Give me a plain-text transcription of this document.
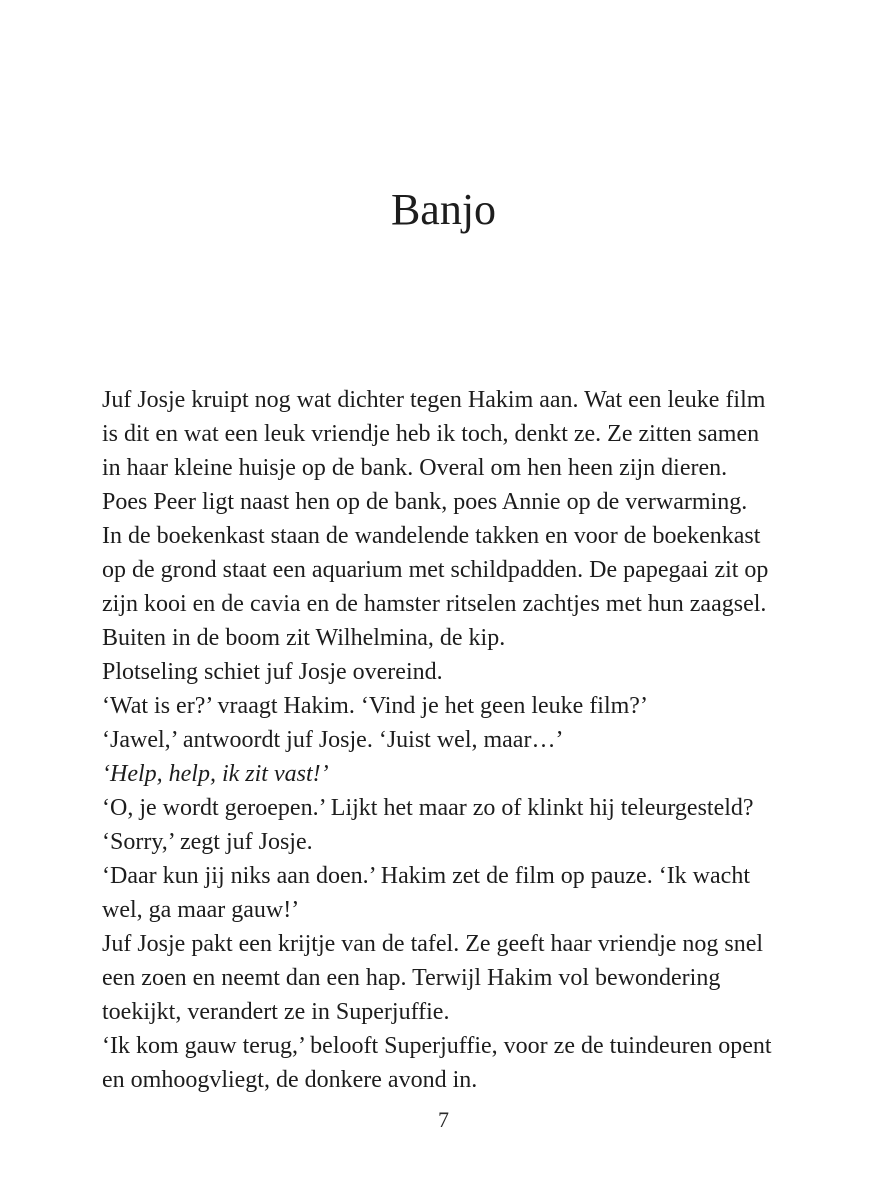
Banjo
Juf Josje kruipt nog wat dichter tegen Hakim aan. Wat een leuke film
is dit en wat een leuk vriendje heb ik toch, denkt ze. Ze zitten samen
in haar kleine huisje op de bank. Overal om hen heen zijn dieren.
Poes Peer ligt naast hen op de bank, poes Annie op de verwarming.
In de boekenkast staan de wandelende takken en voor de boekenkast
op de grond staat een aquarium met schildpadden. De papegaai zit op
zijn kooi en de cavia en de hamster ritselen zachtjes met hun zaagsel.
Buiten in de boom zit Wilhelmina, de kip.
Plotseling schiet juf Josje overeind.
‘Wat is er?’ vraagt Hakim. ‘Vind je het geen leuke film?’
‘Jawel,’ antwoordt juf Josje. ‘Juist wel, maar…’
‘Help, help, ik zit vast!’
‘O, je wordt geroepen.’ Lijkt het maar zo of klinkt hij teleurgesteld?
‘Sorry,’ zegt juf Josje.
‘Daar kun jij niks aan doen.’ Hakim zet de film op pauze. ‘Ik wacht
wel, ga maar gauw!’
Juf Josje pakt een krijtje van de tafel. Ze geeft haar vriendje nog snel
een zoen en neemt dan een hap. Terwijl Hakim vol bewondering
toekijkt, verandert ze in Superjuffie.
‘Ik kom gauw terug,’ belooft Superjuffie, voor ze de tuindeuren opent
en omhoogvliegt, de donkere avond in.
7
